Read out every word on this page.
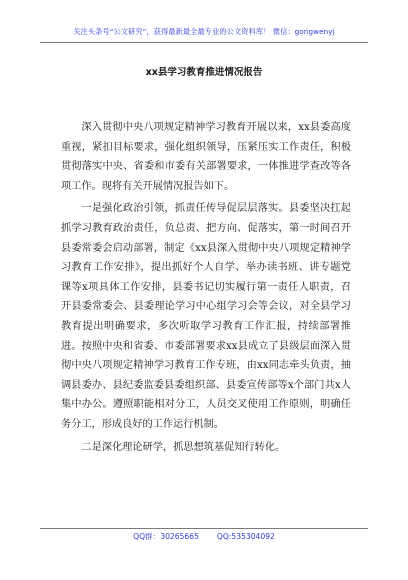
关注头条号“公文研究”，获得最新最全最专业的公文资料库！ 微信：gongwenyj
xx县学习教育推进情况报告

深入贯彻中央八项规定精神学习教育开展以来，xx县委高度重视，紧扣目标要求，强化组织领导，压紧压实工作责任，积极贯彻落实中央、省委和市委有关部署要求，一体推进学查改等各项工作。现将有关开展情况报告如下。

一是强化政治引领，抓责任传导促层层落实。县委坚决扛起抓学习教育政治责任，负总责、把方向、促落实，第一时间召开县委常委会启动部署，制定《xx县深入贯彻中央八项规定精神学习教育工作安排》，提出抓好个人自学、举办读书班、讲专题党课等x项具体工作安排，县委书记切实履行第一责任人职责，召开县委常委会、县委理论学习中心组学习会等会议，对全县学习教育提出明确要求，多次听取学习教育工作汇报，持续部署推进。按照中央和省委、市委部署要求xx县成立了县级层面深入贯彻中央八项规定精神学习教育工作专班，由xx同志牵头负责，抽调县委办、县纪委监委县委组织部、县委宣传部等x个部门共x人集中办公。遵照职能相对分工，人员交叉使用工作原则，明确任务分工，形成良好的工作运行机制。

二是深化理论研学，抓思想筑基促知行转化。

QQ群：30265665 QQ:535304092
